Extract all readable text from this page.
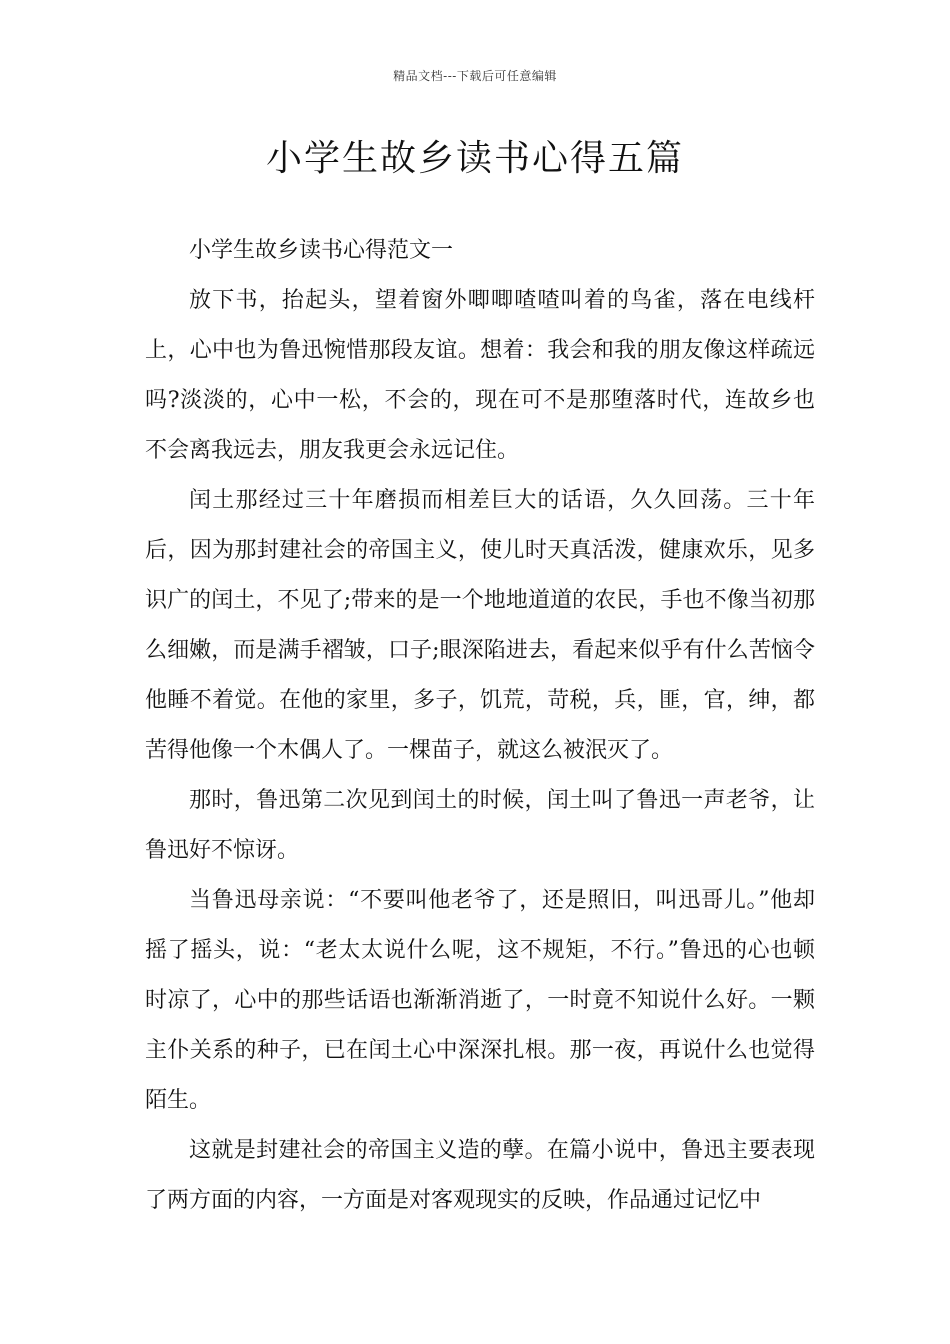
精品文档---下载后可任意编辑
小学生故乡读书心得五篇

小学生故乡读书心得范文一

放下书，抬起头，望着窗外唧唧喳喳叫着的鸟雀，落在电线杆上，心中也为鲁迅惋惜那段友谊。想着：我会和我的朋友像这样疏远吗?淡淡的，心中一松，不会的，现在可不是那堕落时代，连故乡也不会离我远去，朋友我更会永远记住。

闰土那经过三十年磨损而相差巨大的话语，久久回荡。三十年后，因为那封建社会的帝国主义，使儿时天真活泼，健康欢乐，见多识广的闰土，不见了;带来的是一个地地道道的农民，手也不像当初那么细嫩，而是满手褶皱，口子;眼深陷进去，看起来似乎有什么苦恼令他睡不着觉。在他的家里，多子，饥荒，苛税，兵，匪，官，绅，都苦得他像一个木偶人了。一棵苗子，就这么被泯灭了。

那时，鲁迅第二次见到闰土的时候，闰土叫了鲁迅一声老爷，让鲁迅好不惊讶。

当鲁迅母亲说：“不要叫他老爷了，还是照旧，叫迅哥儿。”他却摇了摇头，说：“老太太说什么呢，这不规矩，不行。”鲁迅的心也顿时凉了，心中的那些话语也渐渐消逝了，一时竟不知说什么好。一颗主仆关系的种子，已在闰土心中深深扎根。那一夜，再说什么也觉得陌生。

这就是封建社会的帝国主义造的孽。在篇小说中，鲁迅主要表现了两方面的内容，一方面是对客观现实的反映，作品通过记忆中
